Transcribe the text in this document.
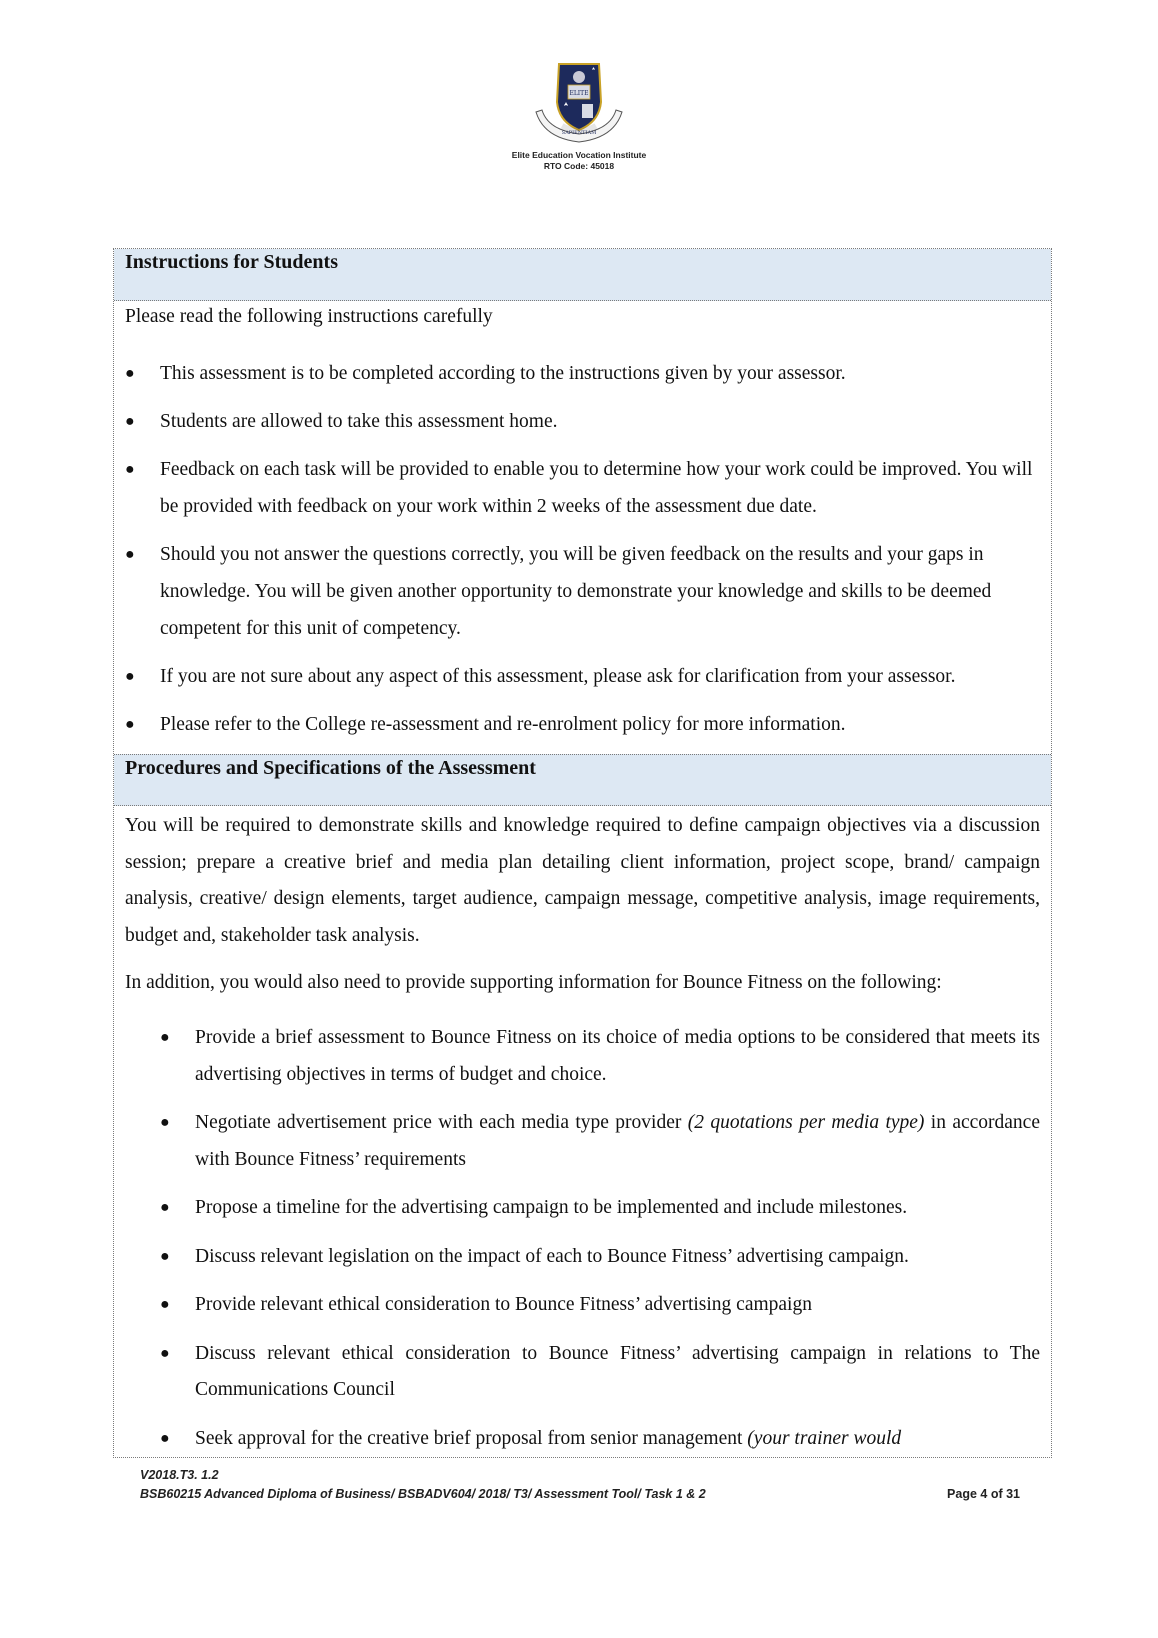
ELITE
SAPIENTIAM
Elite Education Vocation Institute
RTO Code: 45018
Instructions for Students

Please read the following instructions carefully

● This assessment is to be completed according to the instructions given by your assessor.
● Students are allowed to take this assessment home.
● Feedback on each task will be provided to enable you to determine how your work could be improved. You will be provided with feedback on your work within 2 weeks of the assessment due date.
● Should you not answer the questions correctly, you will be given feedback on the results and your gaps in knowledge. You will be given another opportunity to demonstrate your knowledge and skills to be deemed competent for this unit of competency.
● If you are not sure about any aspect of this assessment, please ask for clarification from your assessor.
● Please refer to the College re-assessment and re-enrolment policy for more information.
Procedures and Specifications of the Assessment

You will be required to demonstrate skills and knowledge required to define campaign objectives via a discussion session; prepare a creative brief and media plan detailing client information, project scope, brand/ campaign analysis, creative/ design elements, target audience, campaign message, competitive analysis, image requirements, budget and, stakeholder task analysis.

In addition, you would also need to provide supporting information for Bounce Fitness on the following:

● Provide a brief assessment to Bounce Fitness on its choice of media options to be considered that meets its advertising objectives in terms of budget and choice.
● Negotiate advertisement price with each media type provider (2 quotations per media type) in accordance with Bounce Fitness’ requirements
● Propose a timeline for the advertising campaign to be implemented and include milestones.
● Discuss relevant legislation on the impact of each to Bounce Fitness’ advertising campaign.
● Provide relevant ethical consideration to Bounce Fitness’ advertising campaign
● Discuss relevant ethical consideration to Bounce Fitness’ advertising campaign in relations to The Communications Council
● Seek approval for the creative brief proposal from senior management (your trainer would
V2018.T3. 1.2
BSB60215 Advanced Diploma of Business/ BSBADV604/ 2018/ T3/ Assessment Tool/ Task 1 & 2	Page 4 of 31
